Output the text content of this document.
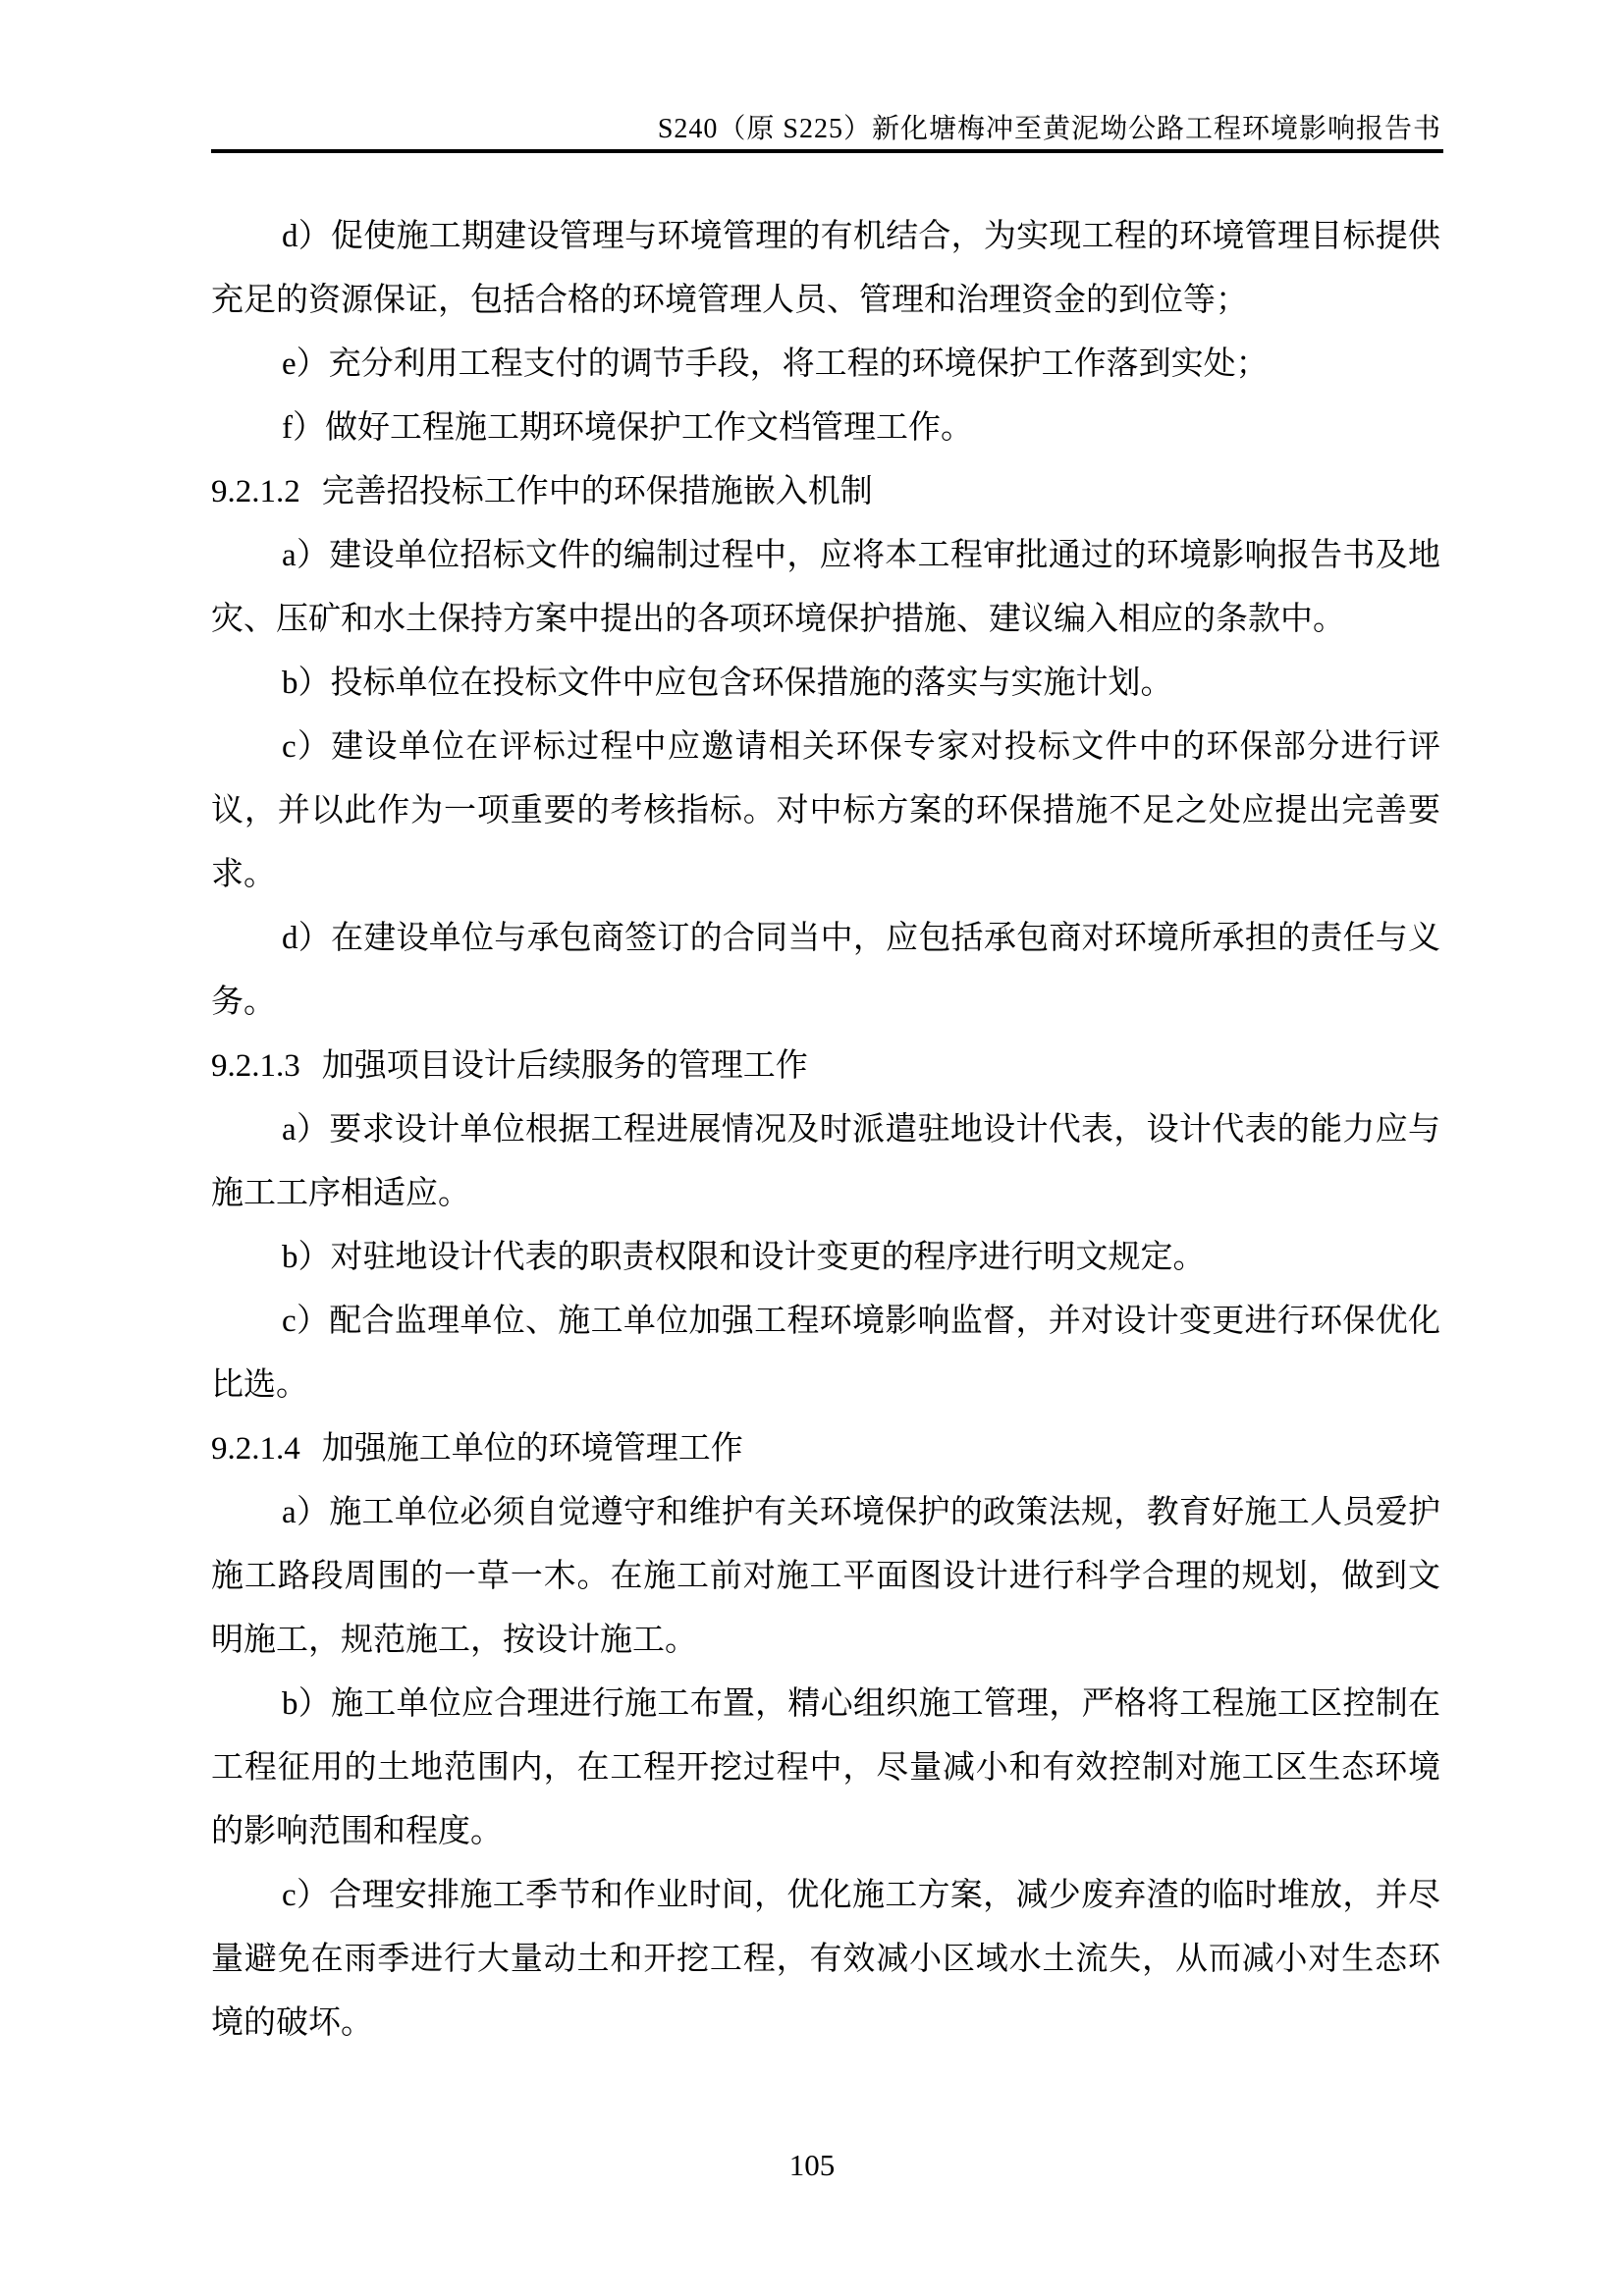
S240（原 S225）新化塘梅冲至黄泥坳公路工程环境影响报告书
d）促使施工期建设管理与环境管理的有机结合，为实现工程的环境管理目标提供
充足的资源保证，包括合格的环境管理人员、管理和治理资金的到位等；
e）充分利用工程支付的调节手段，将工程的环境保护工作落到实处；
f）做好工程施工期环境保护工作文档管理工作。
9.2.1.2 完善招投标工作中的环保措施嵌入机制
a）建设单位招标文件的编制过程中，应将本工程审批通过的环境影响报告书及地
灾、压矿和水土保持方案中提出的各项环境保护措施、建议编入相应的条款中。
b）投标单位在投标文件中应包含环保措施的落实与实施计划。
c）建设单位在评标过程中应邀请相关环保专家对投标文件中的环保部分进行评
议，并以此作为一项重要的考核指标。对中标方案的环保措施不足之处应提出完善要
求。
d）在建设单位与承包商签订的合同当中，应包括承包商对环境所承担的责任与义
务。
9.2.1.3 加强项目设计后续服务的管理工作
a）要求设计单位根据工程进展情况及时派遣驻地设计代表，设计代表的能力应与
施工工序相适应。
b）对驻地设计代表的职责权限和设计变更的程序进行明文规定。
c）配合监理单位、施工单位加强工程环境影响监督，并对设计变更进行环保优化
比选。
9.2.1.4 加强施工单位的环境管理工作
a）施工单位必须自觉遵守和维护有关环境保护的政策法规，教育好施工人员爱护
施工路段周围的一草一木。在施工前对施工平面图设计进行科学合理的规划，做到文
明施工，规范施工，按设计施工。
b）施工单位应合理进行施工布置，精心组织施工管理，严格将工程施工区控制在
工程征用的土地范围内，在工程开挖过程中，尽量减小和有效控制对施工区生态环境
的影响范围和程度。
c）合理安排施工季节和作业时间，优化施工方案，减少废弃渣的临时堆放，并尽
量避免在雨季进行大量动土和开挖工程，有效减小区域水土流失，从而减小对生态环
境的破坏。
105
